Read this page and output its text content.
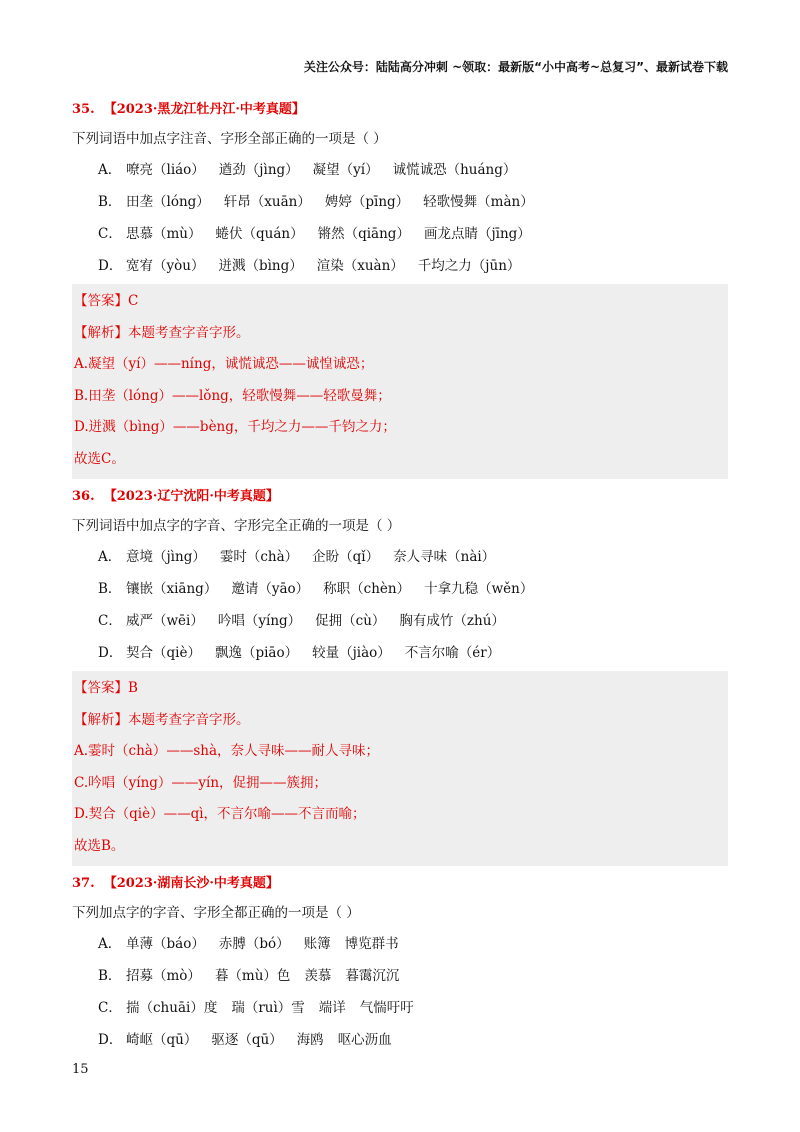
关注公众号：陆陆高分冲刺 ~领取：最新版“小中高考~总复习”、最新试卷下载
35. 【2023·黑龙江牡丹江·中考真题】
下列词语中加点字注音、字形全部正确的一项是（ ）
A． 嘹亮（liáo） 遒劲（jìng） 凝望（yí） 诚慌诚恐（huáng）
B． 田垄（lóng） 轩昂（xuān） 娉婷（pīng） 轻歌慢舞（màn）
C． 思慕（mù） 蜷伏（quán） 锵然（qiāng） 画龙点睛（jīng）
D． 宽宥（yòu） 迸溅（bìng） 渲染（xuàn） 千均之力（jūn）
【答案】C
【解析】本题考查字音字形。
A.凝望（yí）——níng，诚慌诚恐——诚惶诚恐；
B.田垄（lóng）——lǒng，轻歌慢舞——轻歌曼舞；
D.迸溅（bìng）——bèng，千均之力——千钧之力；
故选C。
36. 【2023·辽宁沈阳·中考真题】
下列词语中加点字的字音、字形完全正确的一项是（ ）
A． 意境（jìng） 霎时（chà） 企盼（qǐ） 奈人寻味（nài）
B． 镶嵌（xiāng） 邀请（yāo） 称职（chèn） 十拿九稳（wěn）
C． 威严（wēi） 吟唱（yíng） 促拥（cù） 胸有成竹（zhú）
D． 契合（qiè） 飘逸（piāo） 较量（jiào） 不言尔喻（ér）
【答案】B
【解析】本题考查字音字形。
A.霎时（chà）——shà，奈人寻味——耐人寻味；
C.吟唱（yíng）——yín，促拥——簇拥；
D.契合（qiè）——qì，不言尔喻——不言而喻；
故选B。
37. 【2023·湖南长沙·中考真题】
下列加点字的字音、字形全都正确的一项是（ ）
A． 单薄（báo） 赤膊（bó） 账簿 博览群书
B． 招募（mò） 暮（mù）色 羡慕 暮霭沉沉
C． 揣（chuāi）度 瑞（ruì）雪 端详 气惴吁吁
D． 崎岖（qū） 驱逐（qū） 海鸥 呕心沥血
15
